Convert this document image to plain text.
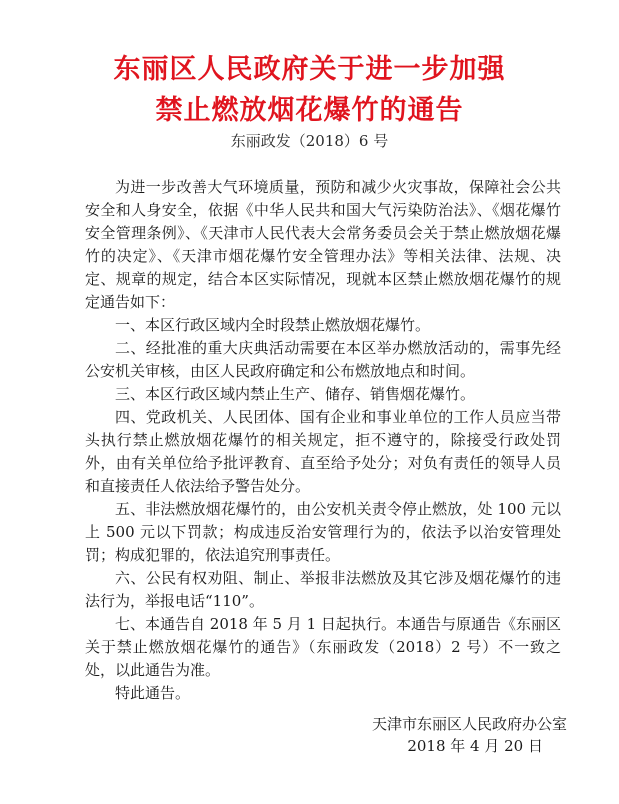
东丽区人民政府关于进一步加强
禁止燃放烟花爆竹的通告
东丽政发（2018）6 号

为进一步改善大气环境质量，预防和减少火灾事故，保障社会公共安全和人身安全，依据《中华人民共和国大气污染防治法》、《烟花爆竹安全管理条例》、《天津市人民代表大会常务委员会关于禁止燃放烟花爆竹的决定》、《天津市烟花爆竹安全管理办法》等相关法律、法规、决定、规章的规定，结合本区实际情况，现就本区禁止燃放烟花爆竹的规定通告如下：

一、本区行政区域内全时段禁止燃放烟花爆竹。

二、经批准的重大庆典活动需要在本区举办燃放活动的，需事先经公安机关审核，由区人民政府确定和公布燃放地点和时间。

三、本区行政区域内禁止生产、储存、销售烟花爆竹。

四、党政机关、人民团体、国有企业和事业单位的工作人员应当带头执行禁止燃放烟花爆竹的相关规定，拒不遵守的，除接受行政处罚外，由有关单位给予批评教育、直至给予处分；对负有责任的领导人员和直接责任人依法给予警告处分。

五、非法燃放烟花爆竹的，由公安机关责令停止燃放，处 100 元以上 500 元以下罚款；构成违反治安管理行为的，依法予以治安管理处罚；构成犯罪的，依法追究刑事责任。

六、公民有权劝阻、制止、举报非法燃放及其它涉及烟花爆竹的违法行为，举报电话“110”。

七、本通告自 2018 年 5 月 1 日起执行。本通告与原通告《东丽区关于禁止燃放烟花爆竹的通告》（东丽政发（2018）2 号）不一致之处，以此通告为准。

特此通告。

天津市东丽区人民政府办公室
2018 年 4 月 20 日
